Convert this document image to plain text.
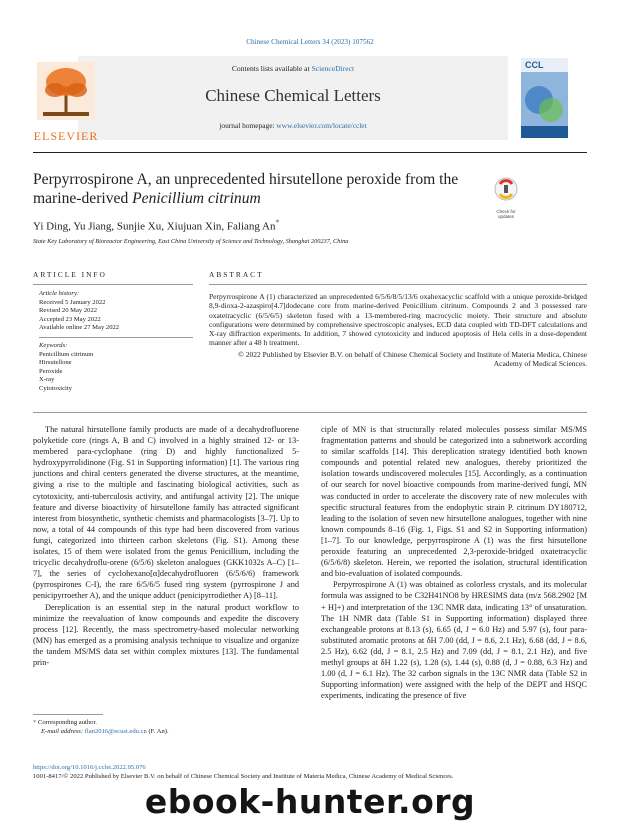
Chinese Chemical Letters 34 (2023) 107562
Contents lists available at ScienceDirect
Chinese Chemical Letters
journal homepage: www.elsevier.com/locate/cclet
ELSEVIER
CCL
Perpyrrospirone A, an unprecedented hirsutellone peroxide from the
marine-derived Penicillium citrinum
Check for updates
Yi Ding, Yu Jiang, Sunjie Xu, Xiujuan Xin, Faliang An*
State Key Laboratory of Bioreactor Engineering, East China University of Science and Technology, Shanghai 200237, China
ARTICLE INFO
Article history:
Received 5 January 2022
Revised 20 May 2022
Accepted 23 May 2022
Available online 27 May 2022
Keywords:
Penicillium citrinum
Hirsutellone
Peroxide
X-ray
Cytotoxicity
ABSTRACT
Perpyrrospirone A (1) characterized an unprecedented 6/5/6/8/5/13/6 oxahexacyclic scaffold with a unique peroxide-bridged 8,9-dioxa-2-azaspiro[4.7]dodecane core from marine-derived Penicillium citrinum. Compounds 2 and 3 possessed rare oxatetracyclic (6/5/6/5) skeleton fused with a 13-membered-ring macrocyclic moiety. Their structure and absolute configurations were determined by comprehensive spectroscopic analyses, ECD data coupled with TD-DFT calculations and X-ray diffraction experiments. In addition, 7 showed cytotoxicity and induced apoptosis of Hela cells in a dose-dependent manner after a 48 h treatment.
© 2022 Published by Elsevier B.V. on behalf of Chinese Chemical Society and Institute of Materia Medica, Chinese Academy of Medical Sciences.

The natural hirsutellone family products are made of a decahydrofluorene polyketide core (rings A, B and C) involved in a highly strained 12- or 13-membered para-cyclophane (ring D) and highly functionalized 5-hydroxypyrrolidinone (Fig. S1 in Supporting information) [1]. The various ring junctions and chiral centers generated the diverse structures, at the meantime, giving a rise to the multiple and fascinating biological activities, such as cytotoxicity, anti-tuberculosis activity, and antifungal activity [2]. The unique feature and diverse bioactivity of hirsutellone family has attracted significant interest from biosynthetic, synthetic chemists and pharmacologists [3–7]. Up to now, a total of 44 compounds of this type had been discovered from various fungi, categorized into thirteen carbon skeletons (Fig. S1). Among these isolates, 15 of them were isolated from the genus Penicillium, including the tricyclic decahydroflu-orene (6/5/6) skeleton analogues (GKK1032s A–C) [1–7], the series of cyclohexano[α]decahydrofluoren (6/5/6/6) framework (pyrrospirones C-I), the rare 6/5/6/5 fused ring system (pyrrospirone J and penicipyrroether A), and the unique adduct (penicipyrrodiether A) [8–11].

Dereplication is an essential step in the natural product workflow to minimize the reevaluation of know compounds and expedite the discovery process [12]. Recently, the mass spectrometry-based molecular networking (MN) has emerged as a promising analysis technique to visualize and organize the tandem MS/MS data set within complex mixtures [13]. The fundamental prin-

ciple of MN is that structurally related molecules possess similar MS/MS fragmentation patterns and should be categorized into a subnetwork according to similar scaffolds [14]. This dereplication strategy identified both known compounds and potential related new analogues, thereby prioritized the isolation towards undiscovered molecules [15]. Accordingly, as a continuation of our search for novel bioactive compounds from marine-derived fungi, MN was conducted in order to accelerate the discovery rate of new molecules with specific structural features from the endophytic strain P. citrinum DY180712, leading to the isolation of seven new hirsutellone analogues, together with nine known compounds 8–16 (Fig. 1, Figs. S1 and S2 in Supporting information) [1–7]. To our knowledge, perpyrrospirone A (1) was the first hirsutellone peroxide featuring an unprecedented 2,3-peroxide-bridged oxatetracyclic (6/5/6/8) skeleton. Herein, we reported the isolation, structural identification and bio-evaluation of isolated compounds.

Perpyrrospirone A (1) was obtained as colorless crystals, and its molecular formula was assigned to be C32H41NO8 by HRESIMS data (m/z 568.2902 [M + H]+) and interpretation of the 13C NMR data, indicating 13° of unsaturation. The 1H NMR data (Table S1 in Supporting information) displayed three exchangeable protons at 8.13 (s), 6.65 (d, J = 6.0 Hz) and 5.97 (s), four para-substituted aromatic protons at δH 7.00 (dd, J = 8.6, 2.1 Hz), 6.68 (dd, J = 8.6, 2.5 Hz), 6.62 (dd, J = 8.1, 2.5 Hz) and 7.09 (dd, J = 8.1, 2.1 Hz), and five methyl groups at δH 1.22 (s), 1.28 (s), 1.44 (s), 0.88 (d, J = 0.88, 6.3 Hz) and 1.00 (d, J = 6.1 Hz). The 32 carbon signals in the 13C NMR data (Table S2 in Supporting information) were assigned with the help of the DEPT and HSQC experiments, indicating the presence of five

* Corresponding author.
E-mail address: flan2016@ecust.edu.cn (F. An).
https://doi.org/10.1016/j.cclet.2022.05.076
1001-8417/© 2022 Published by Elsevier B.V. on behalf of Chinese Chemical Society and Institute of Materia Medica, Chinese Academy of Medical Sciences.
ebook-hunter.org
